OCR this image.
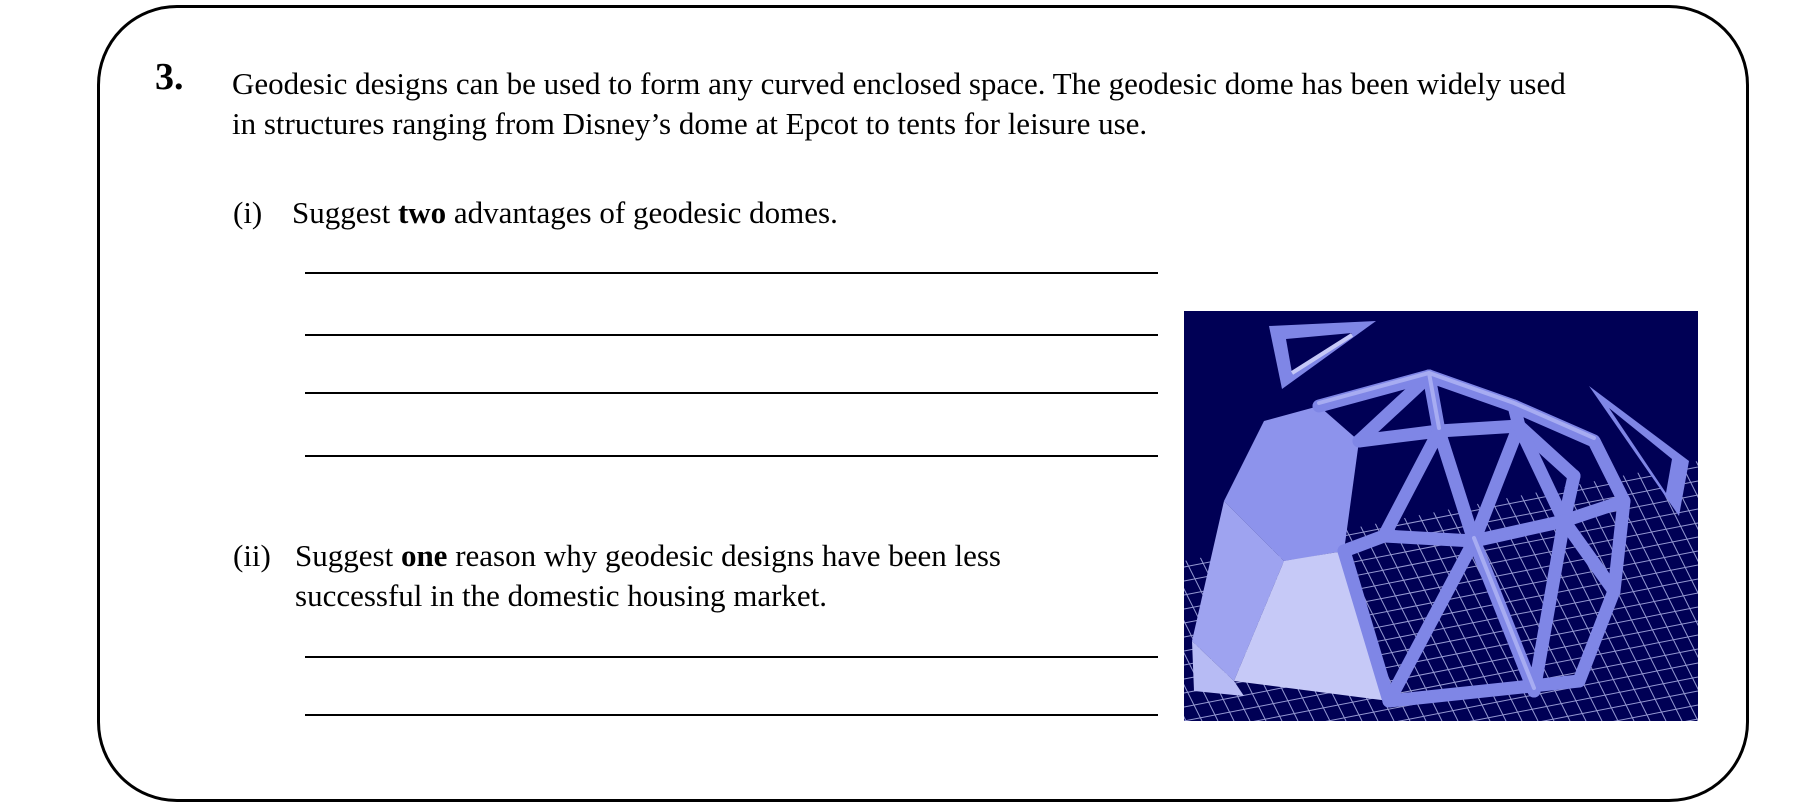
3. Geodesic designs can be used to form any curved enclosed space. The geodesic dome has been widely used

in structures ranging from Disney’s dome at Epcot to tents for leisure use.

(i) Suggest two advantages of geodesic domes.
(ii) Suggest one reason why geodesic designs have been less
successful in the domestic housing market.
